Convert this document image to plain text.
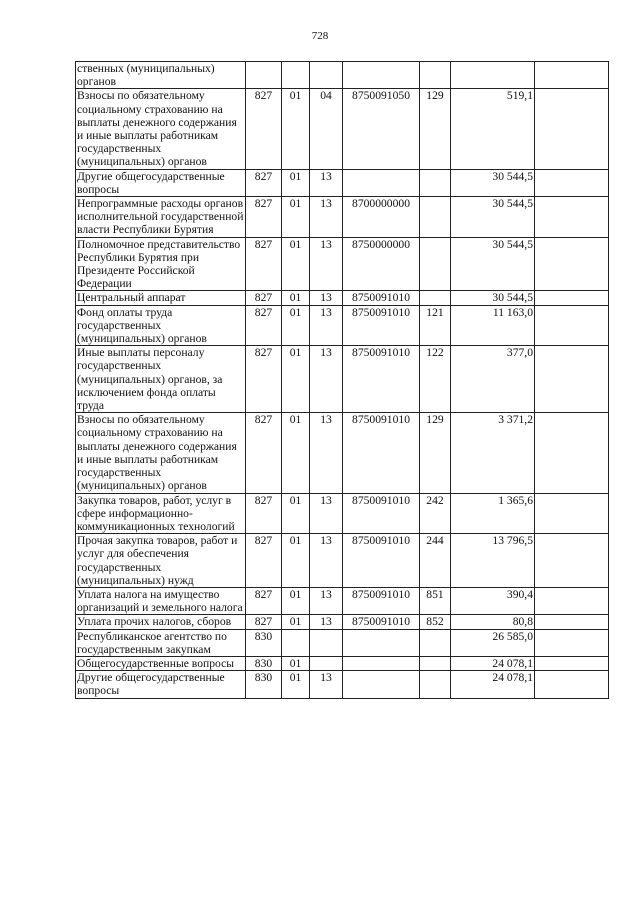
728
ственных (муниципальных) органов							
Взносы по обязательному социальному страхованию на выплаты денежного содержания и иные выплаты работникам государственных (муниципальных) органов	827	01	04	8750091050	129	519,1	
Другие общегосударственные вопросы	827	01	13			30 544,5	
Непрограммные расходы органов исполнительной государственной власти Республики Бурятия	827	01	13	8700000000		30 544,5	
Полномочное представительство Республики Бурятия при Президенте Российской Федерации	827	01	13	8750000000		30 544,5	
Центральный аппарат	827	01	13	8750091010		30 544,5	
Фонд оплаты труда государственных (муниципальных) органов	827	01	13	8750091010	121	11 163,0	
Иные выплаты персоналу государственных (муниципальных) органов, за исключением фонда оплаты труда	827	01	13	8750091010	122	377,0	
Взносы по обязательному социальному страхованию на выплаты денежного содержания и иные выплаты работникам государственных (муниципальных) органов	827	01	13	8750091010	129	3 371,2	
Закупка товаров, работ, услуг в сфере информационно-коммуникационных технологий	827	01	13	8750091010	242	1 365,6	
Прочая закупка товаров, работ и услуг для обеспечения государственных (муниципальных) нужд	827	01	13	8750091010	244	13 796,5	
Уплата налога на имущество организаций и земельного налога	827	01	13	8750091010	851	390,4	
Уплата прочих налогов, сборов	827	01	13	8750091010	852	80,8	
Республиканское агентство по государственным закупкам	830					26 585,0	
Общегосударственные вопросы	830	01				24 078,1	
Другие общегосударственные вопросы	830	01	13			24 078,1	
